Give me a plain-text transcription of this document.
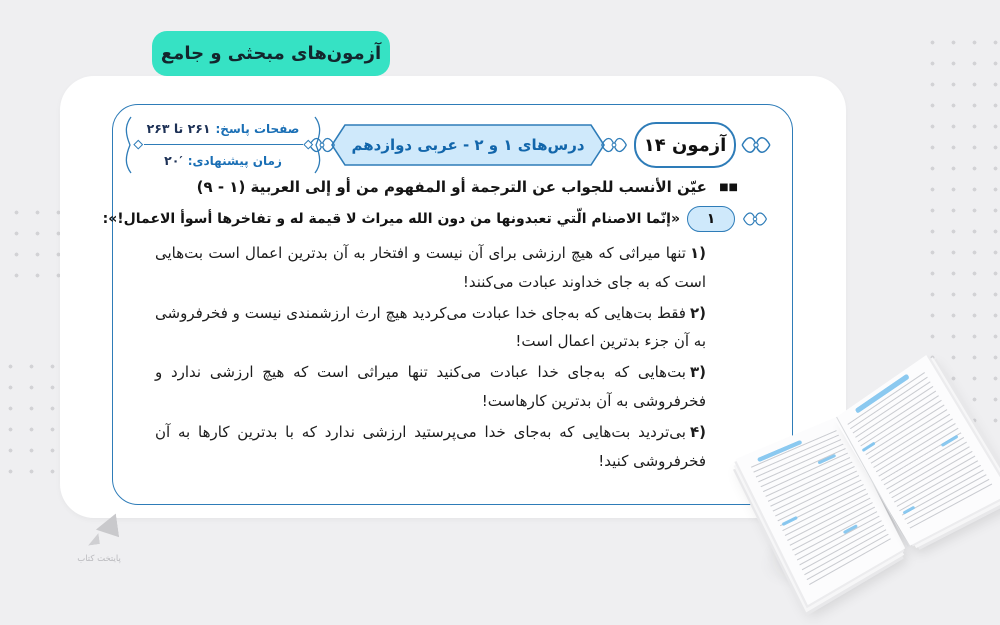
آزمون‌های مبحثی و جامع
آزمون ۱۴
درس‌های ۱ و ۲ - عربی دوازدهم
صفحات پاسخ:
۲۶۱ تا ۲۶۳
زمان پیشنهادی:
۲۰′
■■ عيّن الأنسب للجواب عن الترجمة أو المفهوم من أو إلى العربية (١ - ٩)
۱
«إنّما الاصنام الّتي تعبدونها من دون الله ميراث لا قيمة له و تفاخرها أسوأ الاعمال!»:

۱)تنها میراثی که هیچ ارزشی برای آن نیست و افتخار به آن بدترین اعمال است بت‌هایی است که به جای خداوند عبادت می‌کنند!

۲)فقط بت‌هایی که به‌جای خدا عبادت می‌کردید هیچ ارث ارزشمندی نیست و فخرفروشی به آن جزء بدترین اعمال است!

۳)بت‌هایی که به‌جای خدا عبادت می‌کنید تنها میراثی است که هیچ ارزشی ندارد و فخرفروشی به آن بدترین کارهاست!

۴)بی‌تردید بت‌هایی که به‌جای خدا می‌پرستید ارزشی ندارد که با بدترین کارها به آن فخرفروشی کنید!

پایتخت کتاب
